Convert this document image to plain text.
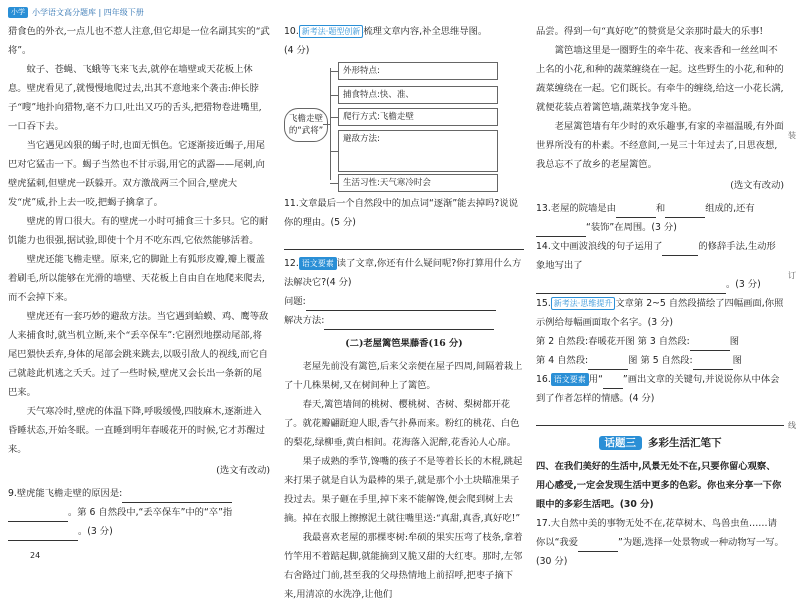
小学 小学语文高分题库 | 四年级下册

猎食色的外衣,一点儿也不惹人注意,但它却是一位名副其实的“武将”。

蚊子、苍蝇、飞蛾等飞来飞去,就停在墙壁或天花板上休息。壁虎看见了,就慢慢地爬过去,出其不意地来个袭击:伸长脖子“嗖”地扑向猎物,毫不力口,吐出又巧的舌头,把猎物卷进嘴里,一口吞下去。

当它遇见凶狠的蝎子时,也面无惧色。它逐渐接近蝎子,用尾巴对它猛击一下。蝎子当然也不甘示弱,用它的武器——尾刺,向壁虎猛刺,但壁虎一跃躲开。双方激战两三个回合,壁虎大发“虎”威,扑上去一咬,把蝎子擒拿了。

壁虎的胃口很大。有的壁虎一小时可捕食三十多只。它的耐饥能力也很强,据试验,即使十个月不吃东西,它依然能够活着。

壁虎还能飞檐走壁。原来,它的脚趾上有狐形皮瓣,瓣上覆盖着刷毛,所以能够在光滑的墙壁、天花板上自由自在地爬来爬去,而不会掉下来。

壁虎还有一套巧妙的避敌方法。当它遇到蛤蟆、鸡、鹰等敌人来捕食时,就当机立断,来个“丢卒保车”:它剧烈地摆动尾部,将尾巴猥快丢弃,身体的尾部会跳来跳去,以吸引敌人的视线,而它自己就趁此机逃之夭夭。过了一些时候,壁虎又会长出一条新的尾巴来。

天气寒冷时,壁虎的体温下降,呼吸缓慢,四肢麻木,逐渐进入昏睡状态,开始冬眠。一直睡到明年春暖花开的时候,它才苏醒过来。

(选文有改动)
9.壁虎能飞檐走壁的原因是:
。第 6 自然段中,“丢卒保车”中的“卒”指。(3 分)
10. 新考法·题型创新 梳理文章内容,补全思维导图。
(4 分)
飞檐走壁的“武将”
外形特点:
捕食特点:快、准、
爬行方式:飞檐走壁
避敌方法:
生活习性:天气寒冷时会
11.文章最后一个自然段中的加点词“逐渐”能去掉吗?说说你的理由。(5 分)
12. 语文要素 读了文章,你还有什么疑问呢?你打算用什么方法解决它?(4 分)
问题:
解决方法:
(二)老屋篱笆果藤香(16 分)

老屋先前没有篱笆,后来父亲便在屋子四周,间隔着栽上了十几株果树,又在树间种上了篱笆。

春天,篱笆墙间的桃树、樱桃树、杏树、梨树都开花了。就花瓣翩跹迎人眼,香气扑鼻而来。粉红的桃花、白色的梨花,绿柳垂,黄白相间。花海落入泥醉,花香沁人心扉。

果子成熟的季节,馋嘴的孩子不是等着长长的木棍,跳起来打果子就是自认为最棒的果子,就是那个小土块瞄准果子投过去。果子砸在手里,掉下来不能解馋,便会爬到树上去摘。掉在衣服上擦擦泥土就往嘴里送:“真甜,真香,真好吃!”

我最喜欢老屋的那棵枣树:牟硕的果实压弯了枝条,拿着竹竿用不着踮起脚,就能摘到又脆又甜的大红枣。那时,左邻右舍路过门前,甚至我的父母热情地上前招呼,把枣子摘下来,用清凉的水洗净,让他们

品尝。得到一句“真好吃”的赞赏是父亲那时最大的乐事!

篱笆墙这里是一圈野生的牵牛花、夜来香和一丝丝叫不上名的小花,和种的蔬菜缠绕在一起。这些野生的小花,和种的蔬菜缠绕在一起。它们既长。有牵牛的缠绕,给这一小花长满,就便花装点着篱笆墙,蔬菜找争宠斗艳。

老屋篱笆墙有年少时的欢乐趣事,有家的幸福温暖,有外面世界所没有的朴素。不经意间,一晃三十年过去了,日思夜想,我总忘不了故乡的老屋篱笆。

(选文有改动)
13.老屋的院墙是由	和	组成的,还有
“装饰”在周围。(3 分)
14.文中画波浪线的句子运用了	的修辞手法,生动形象地写出了
。(3 分)
15. 新考法·思维提升 文章第 2~5 自然段描绘了四幅画面,你照示例给每幅画面取个名字。(3 分)
第 2 自然段:春暖花开图 第 3 自然段:	图
第 4 自然段:	图 第 5 自然段:	图
16. 语文要素 用“ ”画出文章的关键句,并说说你从中体会到了作者怎样的情感。(4 分)
话题三 多彩生活汇笔下
四、在我们美好的生活中,风景无处不在,只要你留心观察、用心感受,一定会发现生活中更多的色彩。你也来分享一下你眼中的多彩生活吧。(30 分)
17.大自然中美的事物无处不在,花草树木、鸟兽虫鱼……请你以“我爱	”为题,选择一处景物或一种动物写一写。(30 分)
装
订
线
24
